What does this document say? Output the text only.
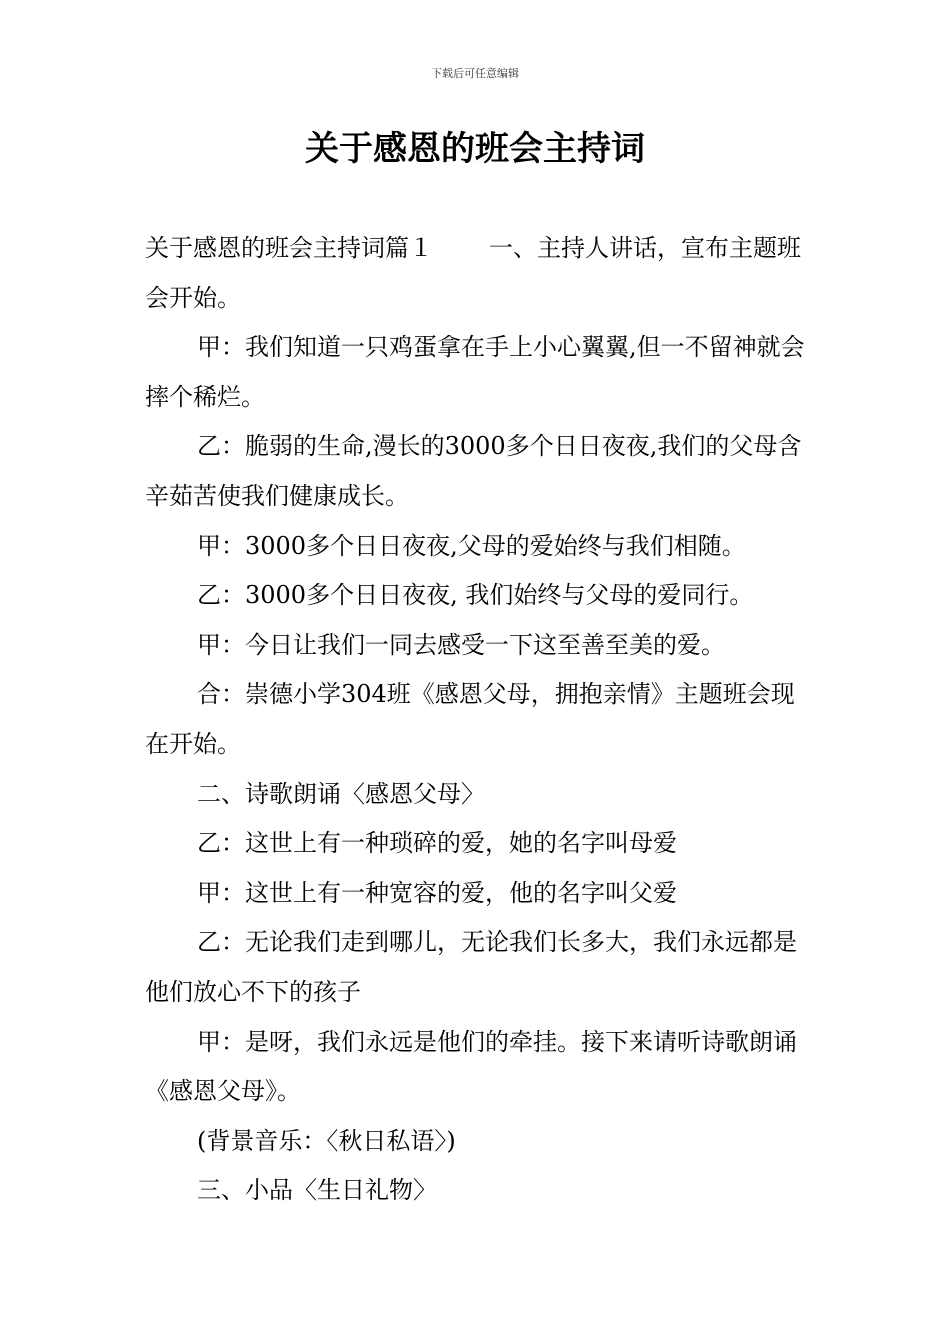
下载后可任意编辑
关于感恩的班会主持词

关于感恩的班会主持词篇１ 一、主持人讲话，宣布主题班会开始。

甲：我们知道一只鸡蛋拿在手上小心翼翼,但一不留神就会摔个稀烂。

乙：脆弱的生命,漫长的3000多个日日夜夜,我们的父母含辛茹苦使我们健康成长。

甲：3000多个日日夜夜,父母的爱始终与我们相随。

乙：3000多个日日夜夜, 我们始终与父母的爱同行。

甲：今日让我们一同去感受一下这至善至美的爱。

合：崇德小学304班《感恩父母，拥抱亲情》主题班会现在开始。

二、诗歌朗诵〈感恩父母〉

乙：这世上有一种琐碎的爱，她的名字叫母爱

甲：这世上有一种宽容的爱，他的名字叫父爱

乙：无论我们走到哪儿，无论我们长多大，我们永远都是他们放心不下的孩子

甲：是呀，我们永远是他们的牵挂。接下来请听诗歌朗诵《感恩父母》。

(背景音乐：〈秋日私语〉)

三、小品〈生日礼物〉
